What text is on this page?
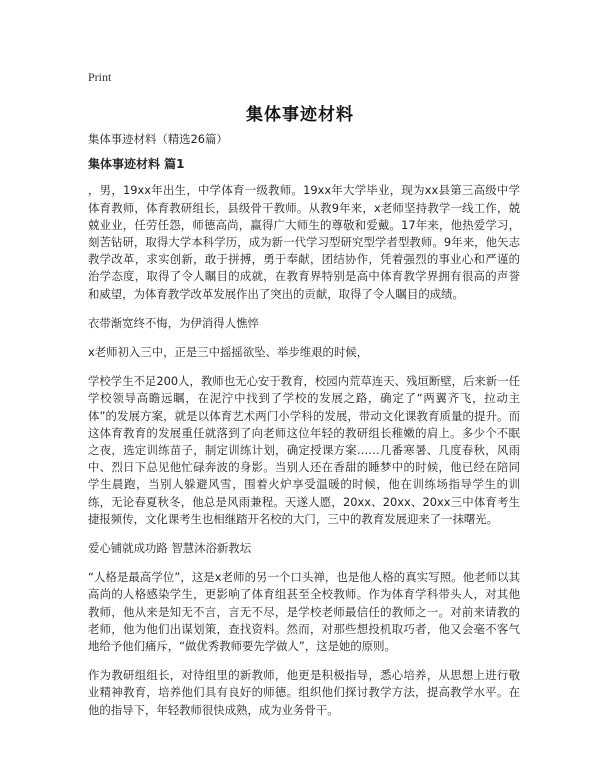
Print
集体事迹材料

集体事迹材料（精选26篇）

集体事迹材料 篇1

，男，19xx年出生，中学体育一级教师。19xx年大学毕业，现为xx县第三高级中学体育教师，体育教研组长，县级骨干教师。从教9年来，x老师坚持教学一线工作，兢兢业业，任劳任怨，师德高尚，赢得广大师生的尊敬和爱戴。17年来，他热爱学习，刻苦钻研，取得大学本科学历，成为新一代学习型研究型学者型教师。9年来，他矢志教学改革，求实创新，敢于拼搏，勇于奉献，团结协作，凭着强烈的事业心和严谨的治学态度，取得了令人瞩目的成就，在教育界特别是高中体育教学界拥有很高的声誉和威望，为体育教学改革发展作出了突出的贡献，取得了令人瞩目的成绩。

衣带渐宽终不悔，为伊消得人憔悴

x老师初入三中，正是三中摇摇欲坠、举步维艰的时候，

学校学生不足200人，教师也无心安于教育，校园内荒草连天、残垣断壁，后来新一任学校领导高瞻远瞩，在泥泞中找到了学校的发展之路，确定了“两翼齐飞，拉动主体”的发展方案，就是以体育艺术两门小学科的发展，带动文化课教育质量的提升。而这体育教育的发展重任就落到了向老师这位年轻的教研组长稚嫩的肩上。多少个不眠之夜，选定训练苗子，制定训练计划，确定授课方案……几番寒暑、几度春秋，风雨中、烈日下总见他忙碌奔波的身影。当别人还在香甜的睡梦中的时候，他已经在陪同学生晨跑，当别人躲避风雪，围着火炉享受温暖的时候，他在训练场指导学生的训练，无论春夏秋冬，他总是风雨兼程。天遂人愿，20xx、20xx、20xx三中体育考生捷报频传，文化课考生也相继踏开名校的大门，三中的教育发展迎来了一抹曙光。

爱心铺就成功路 智慧沐浴新教坛

“人格是最高学位”，这是x老师的另一个口头禅，也是他人格的真实写照。他老师以其高尚的人格感染学生，更影响了体育组甚至全校教师。作为体育学科带头人，对其他教师，他从来是知无不言，言无不尽，是学校老师最信任的教师之一。对前来请教的老师，他为他们出谋划策，查找资料。然而，对那些想投机取巧者，他又会毫不客气地给予他们痛斥，“做优秀教师要先学做人”，这是她的原则。

作为教研组组长，对待组里的新教师，他更是积极指导，悉心培养，从思想上进行敬业精神教育，培养他们具有良好的师德。组织他们探讨教学方法，提高教学水平。在他的指导下，年轻教师很快成熟，成为业务骨干。
